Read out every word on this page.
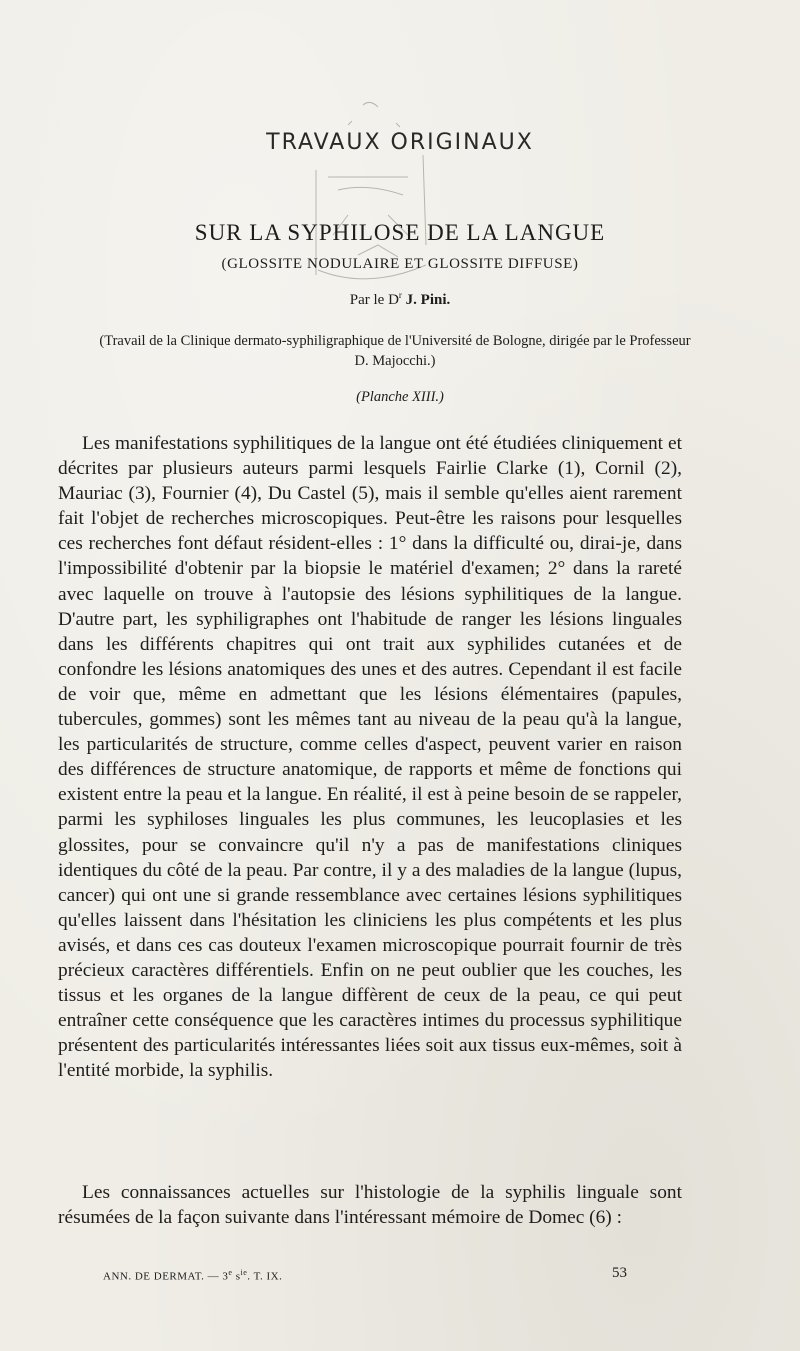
TRAVAUX ORIGINAUX
SUR LA SYPHILOSE DE LA LANGUE
(GLOSSITE NODULAIRE ET GLOSSITE DIFFUSE)
Par le $D^r$ J. Pini.
(Travail de la Clinique dermato-syphiligraphique de l'Université de Bologne, dirigée par le Professeur D. Majocchi.)
(Planche XIII.)

Les manifestations syphilitiques de la langue ont été étudiées cliniquement et décrites par plusieurs auteurs parmi lesquels Fairlie Clarke (1), Cornil (2), Mauriac (3), Fournier (4), Du Castel (5), mais il semble qu'elles aient rarement fait l'objet de recherches microscopiques. Peut-être les raisons pour lesquelles ces recherches font défaut résident-elles : 1° dans la difficulté ou, dirai-je, dans l'impossibilité d'obtenir par la biopsie le matériel d'examen; 2° dans la rareté avec laquelle on trouve à l'autopsie des lésions syphilitiques de la langue. D'autre part, les syphiligraphes ont l'habitude de ranger les lésions linguales dans les différents chapitres qui ont trait aux syphilides cutanées et de confondre les lésions anatomiques des unes et des autres. Cependant il est facile de voir que, même en admettant que les lésions élémentaires (papules, tubercules, gommes) sont les mêmes tant au niveau de la peau qu'à la langue, les particularités de structure, comme celles d'aspect, peuvent varier en raison des différences de structure anatomique, de rapports et même de fonctions qui existent entre la peau et la langue. En réalité, il est à peine besoin de se rappeler, parmi les syphiloses linguales les plus communes, les leucoplasies et les glossites, pour se convaincre qu'il n'y a pas de manifestations cliniques identiques du côté de la peau. Par contre, il y a des maladies de la langue (lupus, cancer) qui ont une si grande ressemblance avec certaines lésions syphilitiques qu'elles laissent dans l'hésitation les cliniciens les plus compétents et les plus avisés, et dans ces cas douteux l'examen microscopique pourrait fournir de très précieux caractères différentiels. Enfin on ne peut oublier que les couches, les tissus et les organes de la langue diffèrent de ceux de la peau, ce qui peut entraîner cette conséquence que les caractères intimes du processus syphilitique présentent des particularités intéressantes liées soit aux tissus eux-mêmes, soit à l'entité morbide, la syphilis.

Les connaissances actuelles sur l'histologie de la syphilis linguale sont résumées de la façon suivante dans l'intéressant mémoire de Domec (6) :

ANN. DE DERMAT. — 3e $s^{ie}$. T. IX.	53
